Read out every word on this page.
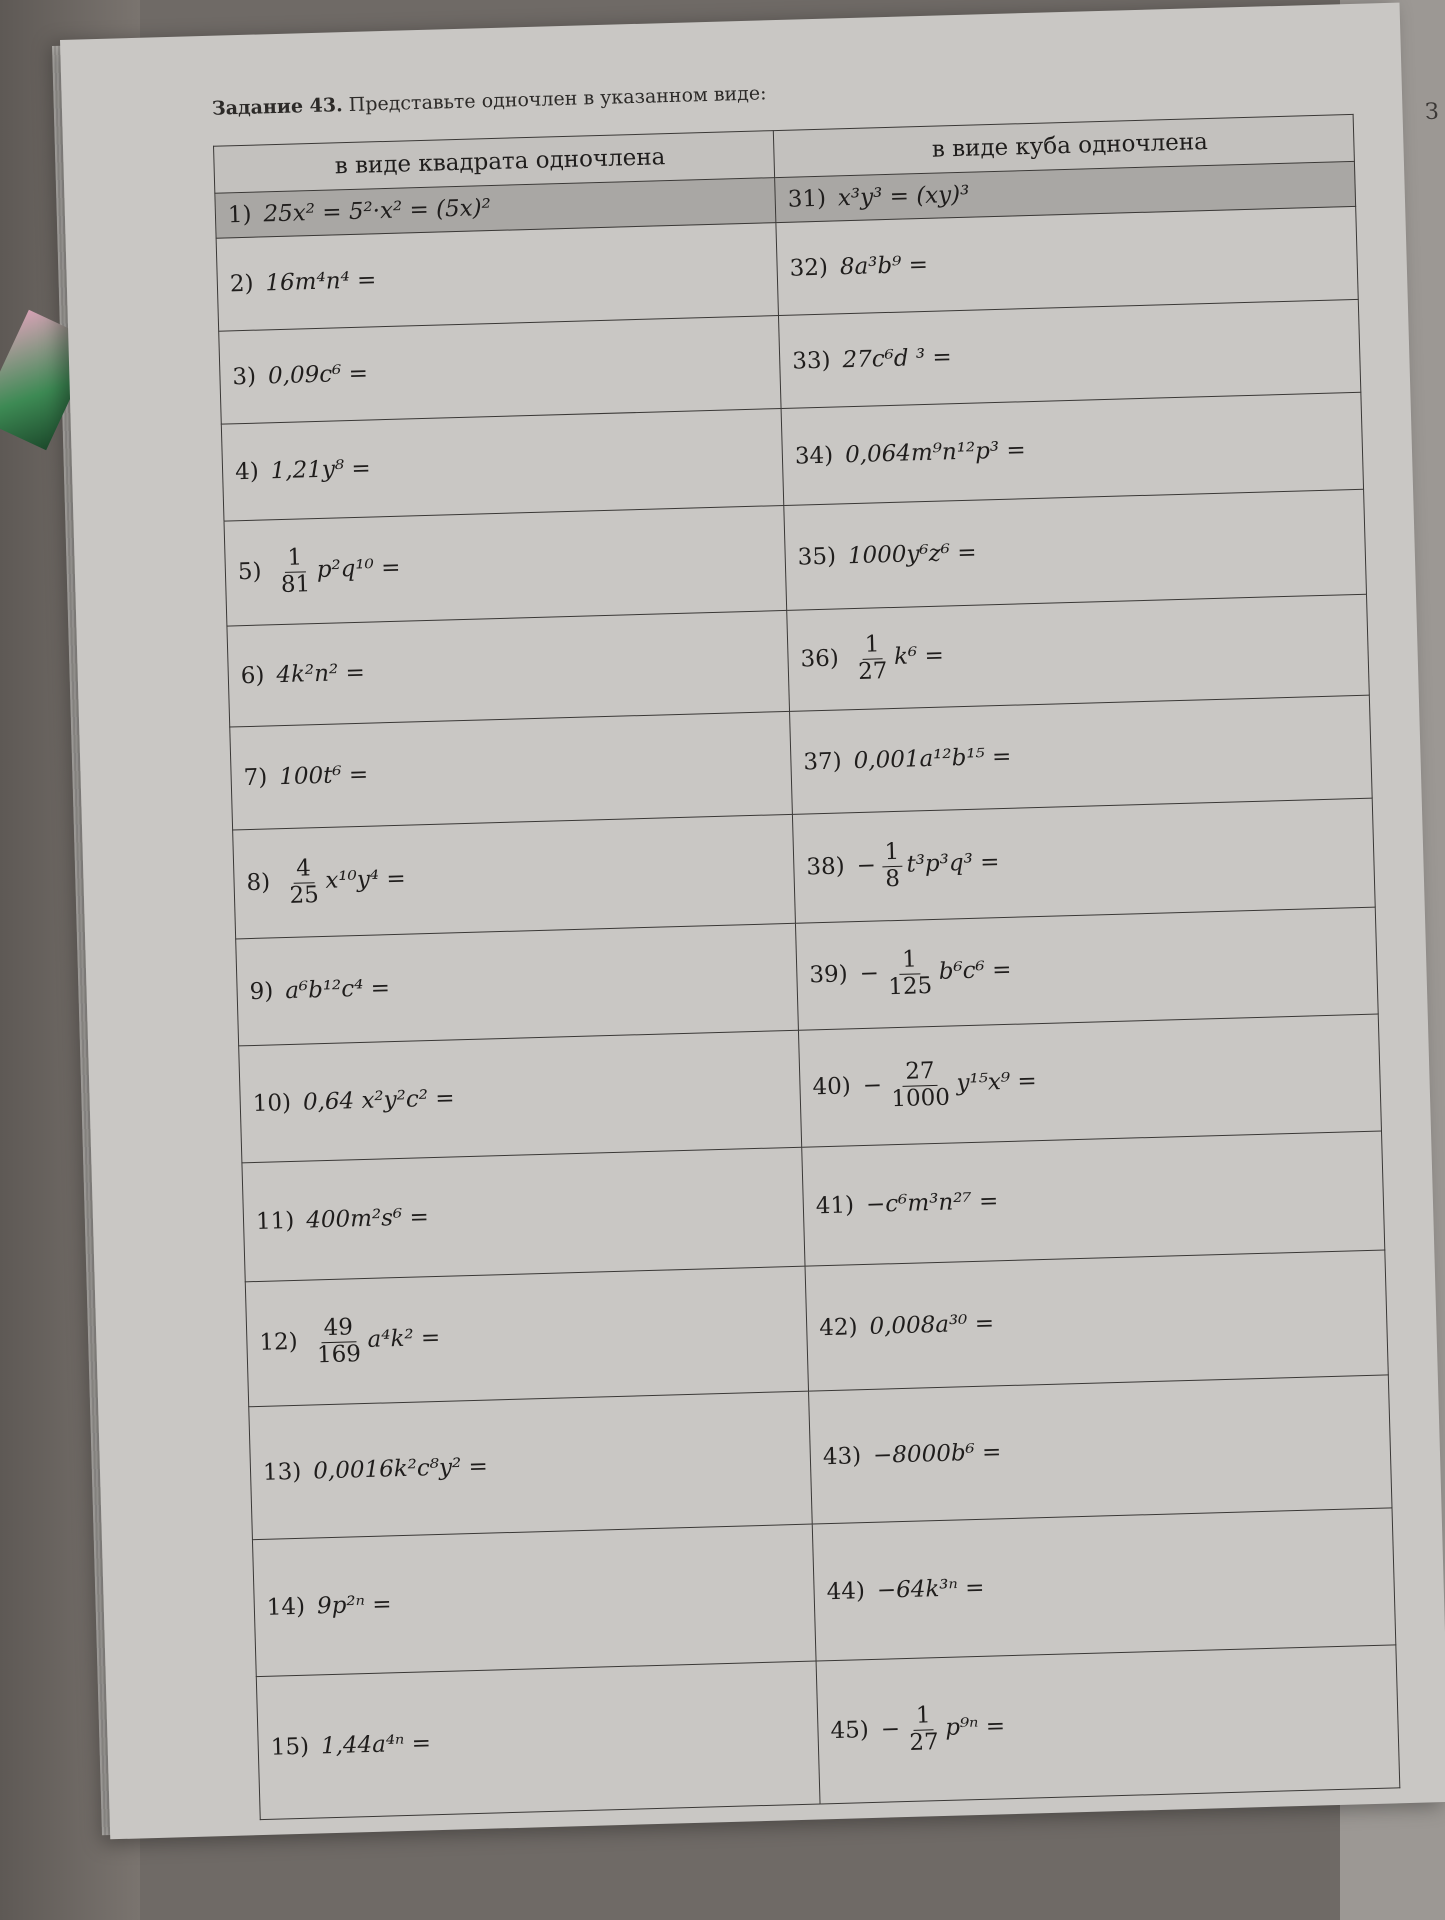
З
Задание 43. Представьте одночлен в указанном виде:
в виде квадрата одночлена	в виде куба одночлена
1) 25x² = 5²·x² = (5x)²	31) x³y³ = (xy)³
2) 16m⁴n⁴ =	32) 8a³b⁹ =
3) 0,09c⁶ =	33) 27c⁶d ³ =
4) 1,21y⁸ =	34) 0,064m⁹n¹²p³ =
$5) \frac{1}{81} p^2q^{10}$ =	35) 1000y⁶z⁶ =
6) 4k²n² =	$36) \frac{1}{27} k^6$ =
7) 100t⁶ =	37) 0,001a¹²b¹⁵ =
$8) \frac{4}{25} x^{10}y^4$ =	$38) - \frac{1}{8} t^3p^3q^3$ =
9) a⁶b¹²c⁴ =	$39) - \frac{1}{125} b^6c^6$ =
10) 0,64 x²y²c² =	$40) - \frac{27}{1000} y^{15}x^9$ =
11) 400m²s⁶ =	41) −c⁶m³n²⁷ =
$12) \frac{49}{169} a^4k^2$ =	42) 0,008a³⁰ =
13) 0,0016k²c⁸y² =	43) −8000b⁶ =
14) 9p²ⁿ =	44) −64k³ⁿ =
15) 1,44a⁴ⁿ =	$45) - \frac{1}{27} p^{9n}$ =
